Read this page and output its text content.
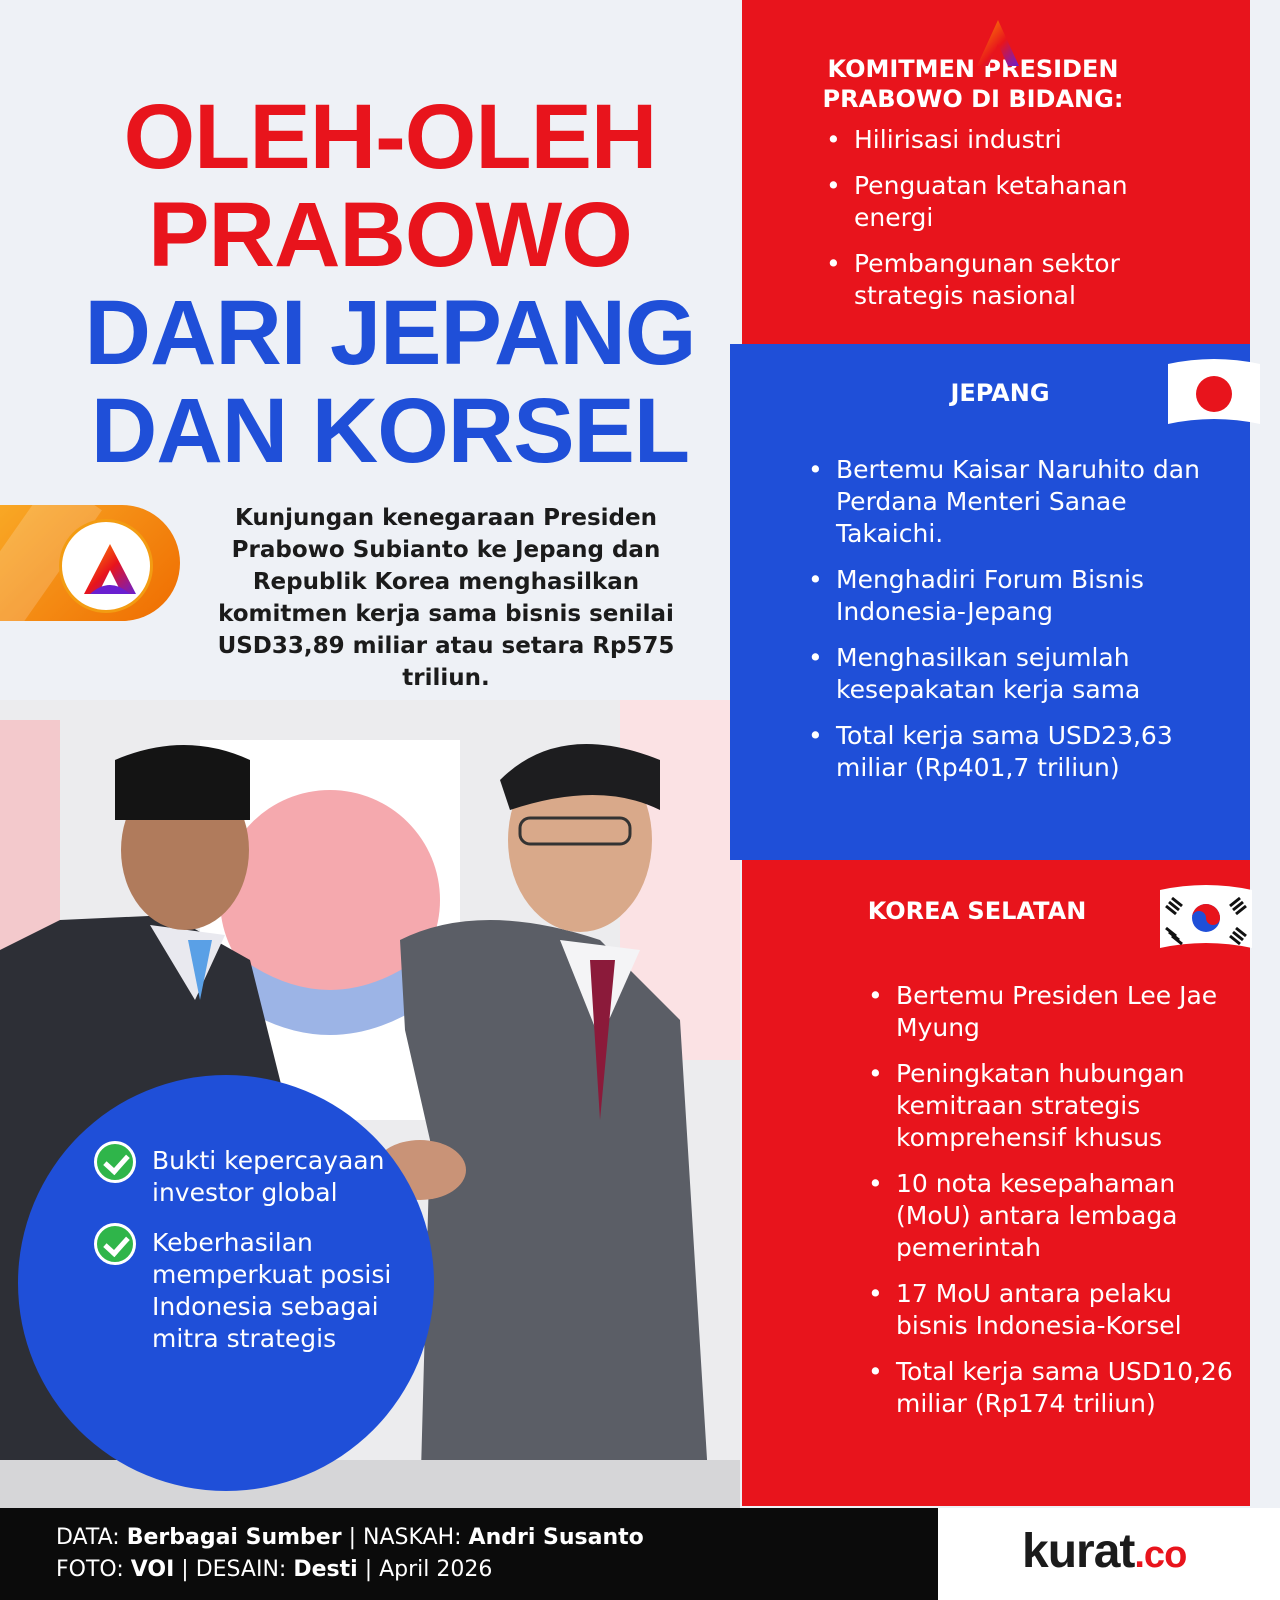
OLEH-OLEH
PRABOWO
DARI JEPANG
DAN KORSEL

Kunjungan kenegaraan Presiden Prabowo Subianto ke Jepang dan Republik Korea menghasilkan komitmen kerja sama bisnis senilai USD33,89 miliar atau setara Rp575 triliun.

Bukti kepercayaan investor global
Keberhasilan memperkuat posisi Indonesia sebagai mitra strategis
KOMITMEN PRESIDEN PRABOWO DI BIDANG:
• Hilirisasi industri
• Penguatan ketahanan energi
• Pembangunan sektor strategis nasional
JEPANG
• Bertemu Kaisar Naruhito dan Perdana Menteri Sanae Takaichi.
• Menghadiri Forum Bisnis Indonesia-Jepang
• Menghasilkan sejumlah kesepakatan kerja sama
• Total kerja sama USD23,63 miliar (Rp401,7 triliun)
KOREA SELATAN
• Bertemu Presiden Lee Jae Myung
• Peningkatan hubungan kemitraan strategis komprehensif khusus
• 10 nota kesepahaman (MoU) antara lembaga pemerintah
• 17 MoU antara pelaku bisnis Indonesia-Korsel
• Total kerja sama USD10,26 miliar (Rp174 triliun)
DATA: Berbagai Sumber | NASKAH: Andri Susanto
FOTO: VOI | DESAIN: Desti | April 2026	kurat.co
